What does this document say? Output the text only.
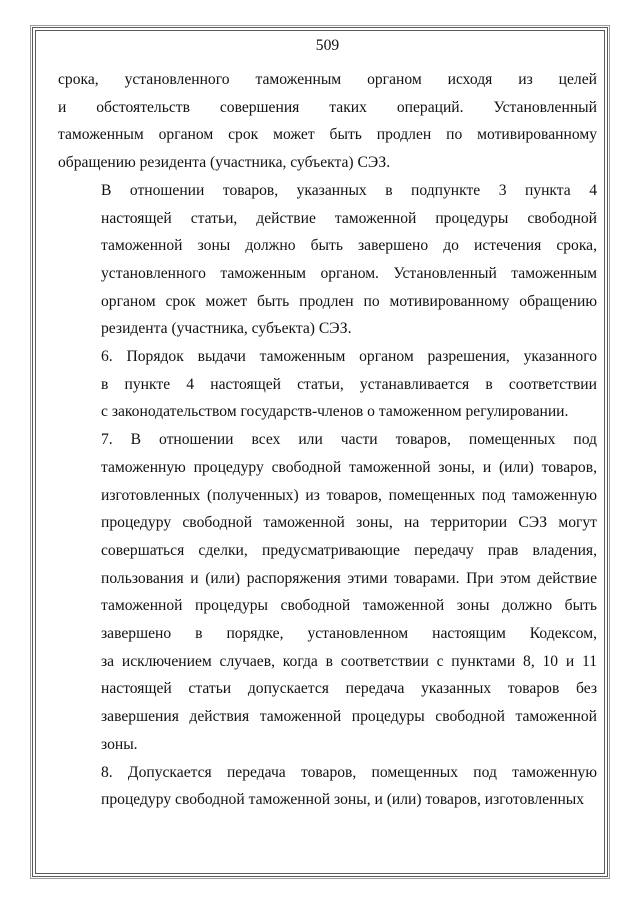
509

срока, установленного таможенным органом исходя из целей
и обстоятельств совершения таких операций. Установленный
таможенным органом срок может быть продлен по мотивированному
обращению резидента (участника, субъекта) СЭЗ.

В отношении товаров, указанных в подпункте 3 пункта 4
настоящей статьи, действие таможенной процедуры свободной
таможенной зоны должно быть завершено до истечения срока,
установленного таможенным органом. Установленный таможенным
органом срок может быть продлен по мотивированному обращению
резидента (участника, субъекта) СЭЗ.

6. Порядок выдачи таможенным органом разрешения, указанного
в пункте 4 настоящей статьи, устанавливается в соответствии
с законодательством государств-членов о таможенном регулировании.

7. В отношении всех или части товаров, помещенных под
таможенную процедуру свободной таможенной зоны, и (или) товаров,
изготовленных (полученных) из товаров, помещенных под таможенную
процедуру свободной таможенной зоны, на территории СЭЗ могут
совершаться сделки, предусматривающие передачу прав владения,
пользования и (или) распоряжения этими товарами. При этом действие
таможенной процедуры свободной таможенной зоны должно быть
завершено в порядке, установленном настоящим Кодексом,
за исключением случаев, когда в соответствии с пунктами 8, 10 и 11
настоящей статьи допускается передача указанных товаров без
завершения действия таможенной процедуры свободной таможенной
зоны.

8. Допускается передача товаров, помещенных под таможенную
процедуру свободной таможенной зоны, и (или) товаров, изготовленных
